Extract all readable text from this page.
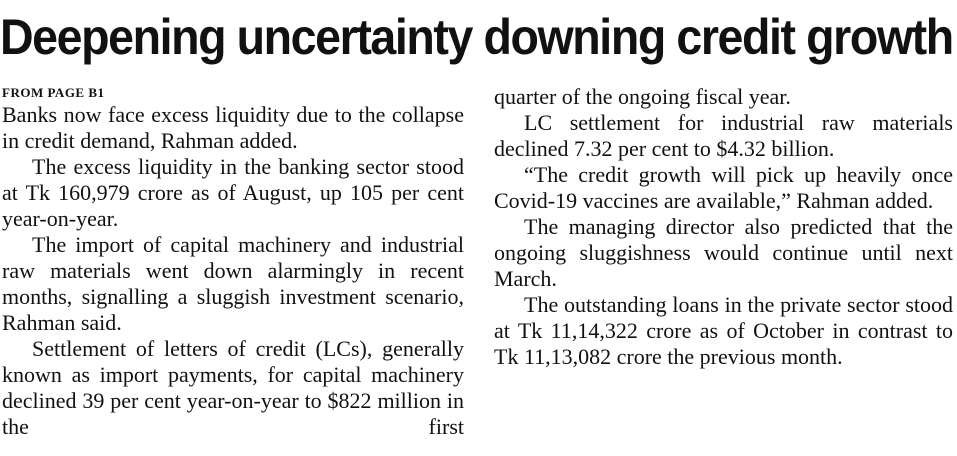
Deepening uncertainty downing credit growth
FROM PAGE B1

Banks now face excess liquidity due to the collapse in credit demand, Rahman added.

The excess liquidity in the banking sector stood at Tk 160,979 crore as of August, up 105 per cent year-on-year.

The import of capital machinery and industrial raw materials went down alarmingly in recent months, signalling a sluggish investment scenario, Rahman said.

Settlement of letters of credit (LCs), generally known as import payments, for capital machinery declined 39 per cent year-on-year to $822 million in the first

quarter of the ongoing fiscal year.

LC settlement for industrial raw materials declined 7.32 per cent to $4.32 billion.

“The credit growth will pick up heavily once Covid-19 vaccines are available,” Rahman added.

The managing director also predicted that the ongoing sluggishness would continue until next March.

The outstanding loans in the private sector stood at Tk 11,14,322 crore as of October in contrast to Tk 11,13,082 crore the previous month.
